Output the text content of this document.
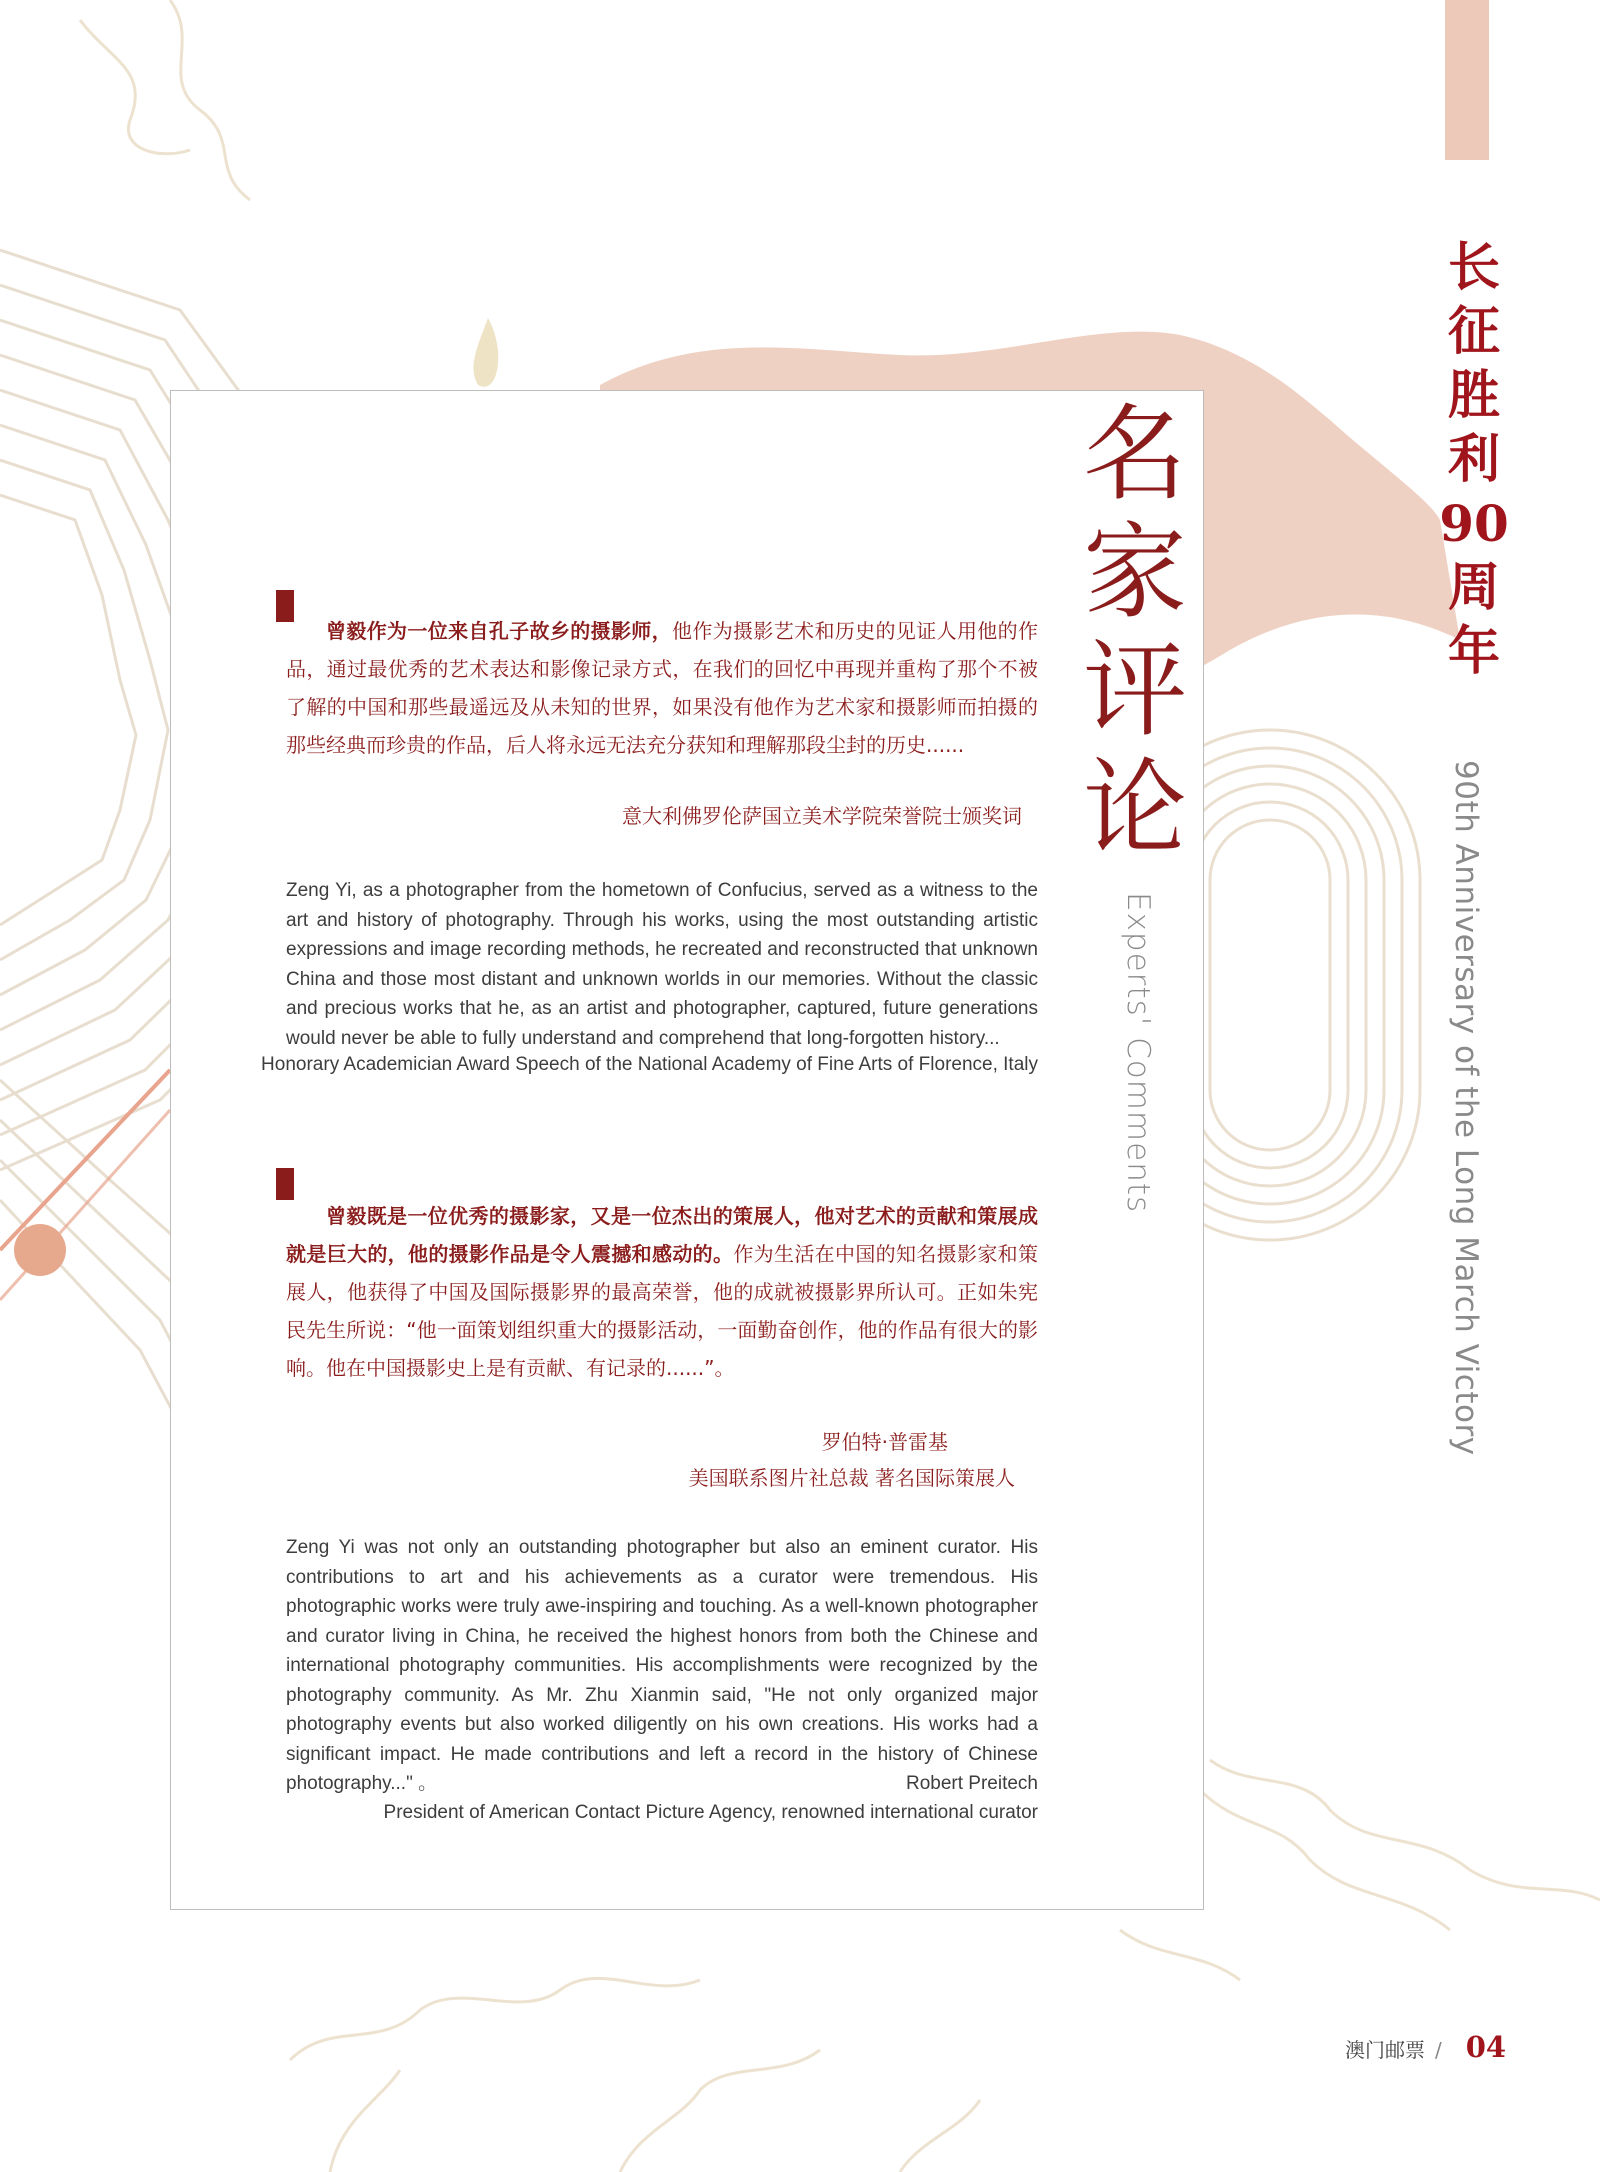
名
家
评
论
Experts' Comments
长
征
胜
利
90
周
年
90th Anniversary of the Long March Victory
曾毅作为一位来自孔子故乡的摄影师，他作为摄影艺术和历史的见证人用他的作品，通过最优秀的艺术表达和影像记录方式，在我们的回忆中再现并重构了那个不被了解的中国和那些最遥远及从未知的世界，如果没有他作为艺术家和摄影师而拍摄的那些经典而珍贵的作品，后人将永远无法充分获知和理解那段尘封的历史......
意大利佛罗伦萨国立美术学院荣誉院士颁奖词
Zeng Yi, as a photographer from the hometown of Confucius, served as a witness to the art and history of photography. Through his works, using the most outstanding artistic expressions and image recording methods, he recreated and reconstructed that unknown China and those most distant and unknown worlds in our memories. Without the classic and precious works that he, as an artist and photographer, captured, future generations would never be able to fully understand and comprehend that long-forgotten history...
Honorary Academician Award Speech of the National Academy of Fine Arts of Florence, Italy
曾毅既是一位优秀的摄影家，又是一位杰出的策展人，他对艺术的贡献和策展成就是巨大的，他的摄影作品是令人震撼和感动的。作为生活在中国的知名摄影家和策展人，他获得了中国及国际摄影界的最高荣誉，他的成就被摄影界所认可。正如朱宪民先生所说：“他一面策划组织重大的摄影活动，一面勤奋创作，他的作品有很大的影响。他在中国摄影史上是有贡献、有记录的......”。
罗伯特·普雷基
美国联系图片社总裁 著名国际策展人
Zeng Yi was not only an outstanding photographer but also an eminent curator. His contributions to art and his achievements as a curator were tremendous. His photographic works were truly awe-inspiring and touching. As a well-known photographer and curator living in China, he received the highest honors from both the Chinese and international photography communities. His accomplishments were recognized by the photography community. As Mr. Zhu Xianmin said, "He not only organized major photography events but also worked diligently on his own creations. His works had a significant impact. He made contributions and left a record in the history of Chinese photography..." 。	Robert Preitech
President of American Contact Picture Agency, renowned international curator
澳门邮票 / 04
